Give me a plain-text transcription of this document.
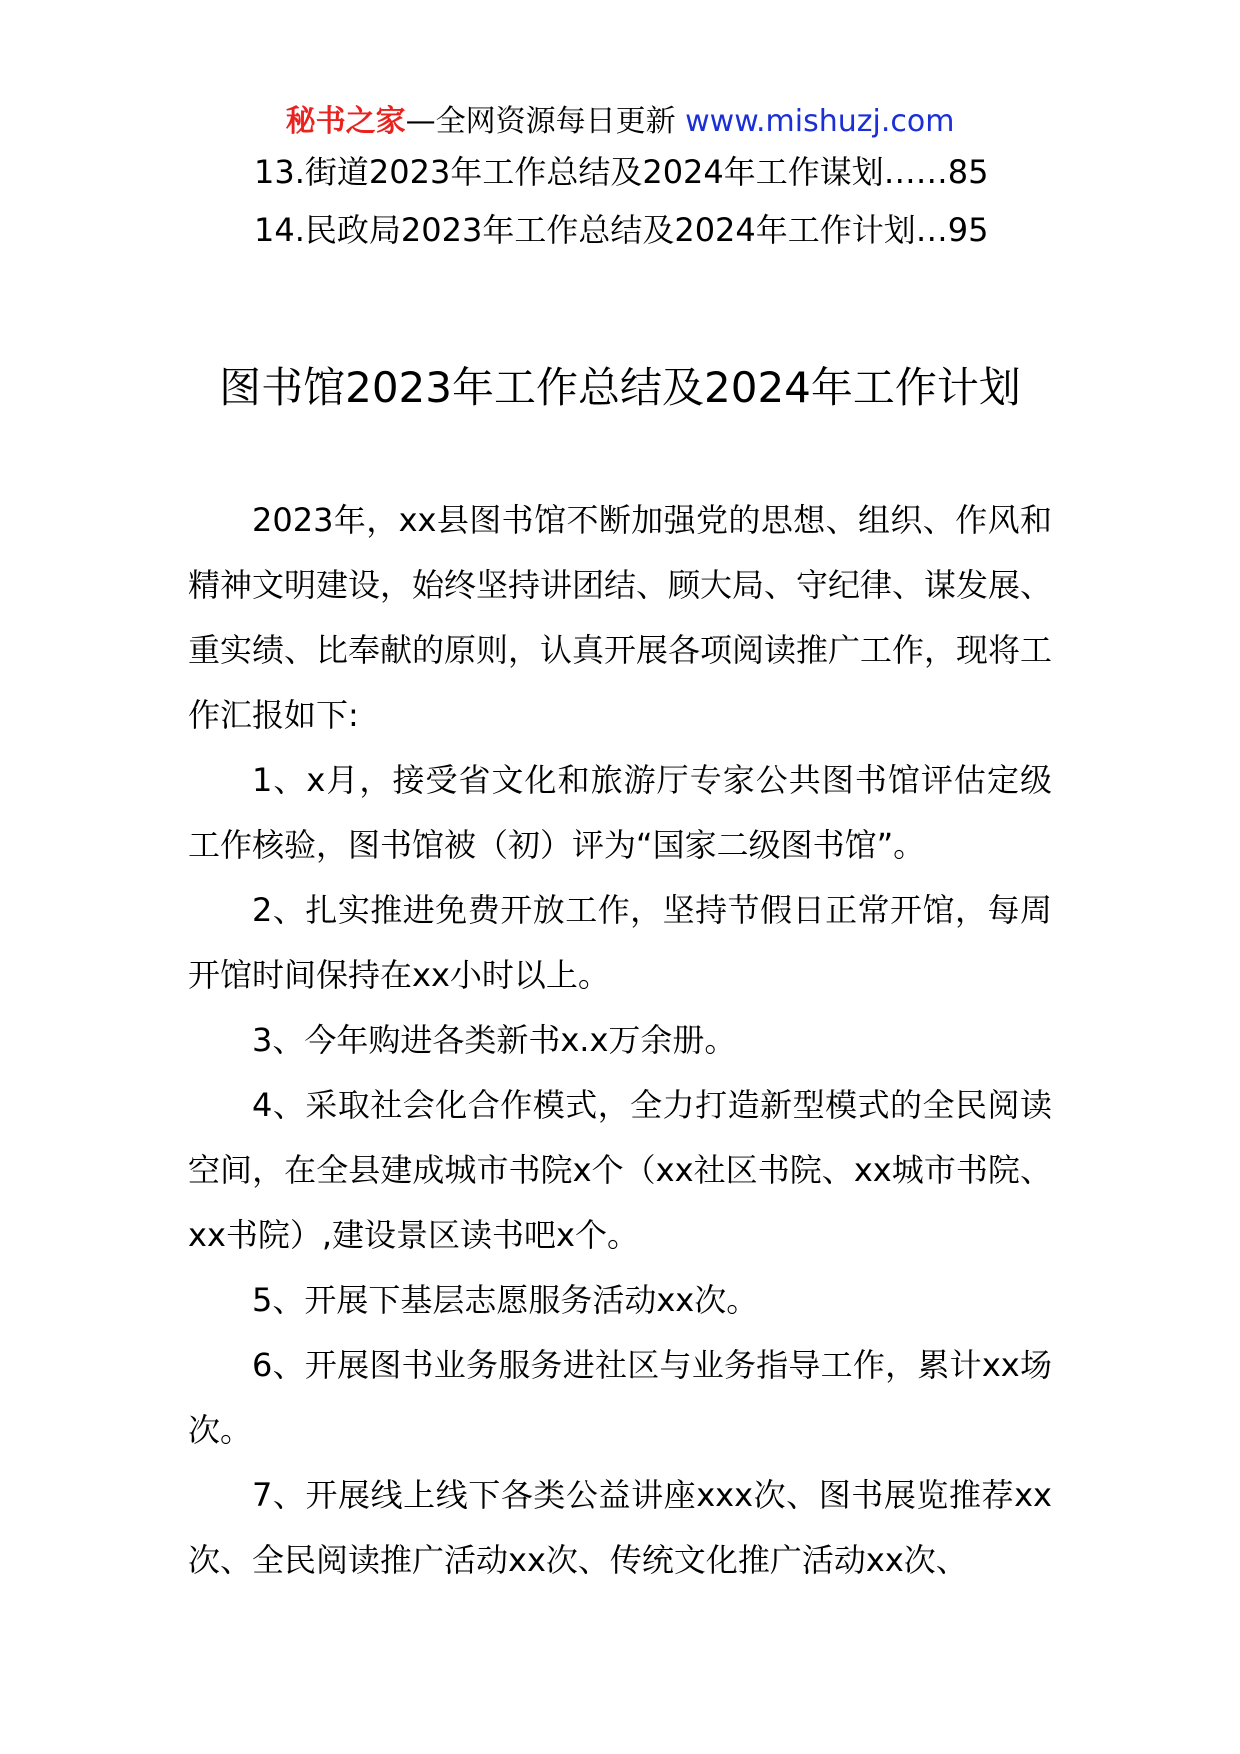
秘书之家—全网资源每日更新 www.mishuzj.com
13.街道2023年工作总结及2024年工作谋划……85
14.民政局2023年工作总结及2024年工作计划…95
图书馆2023年工作总结及2024年工作计划

2023年，xx县图书馆不断加强党的思想、组织、作风和精神文明建设，始终坚持讲团结、顾大局、守纪律、谋发展、重实绩、比奉献的原则，认真开展各项阅读推广工作，现将工作汇报如下:

1、x月，接受省文化和旅游厅专家公共图书馆评估定级工作核验，图书馆被（初）评为“国家二级图书馆”。

2、扎实推进免费开放工作，坚持节假日正常开馆，每周开馆时间保持在xx小时以上。

3、今年购进各类新书x.x万余册。

4、采取社会化合作模式，全力打造新型模式的全民阅读空间，在全县建成城市书院x个（xx社区书院、xx城市书院、xx书院）,建设景区读书吧x个。

5、开展下基层志愿服务活动xx次。

6、开展图书业务服务进社区与业务指导工作，累计xx场次。

7、开展线上线下各类公益讲座xxx次、图书展览推荐xx次、全民阅读推广活动xx次、传统文化推广活动xx次、
